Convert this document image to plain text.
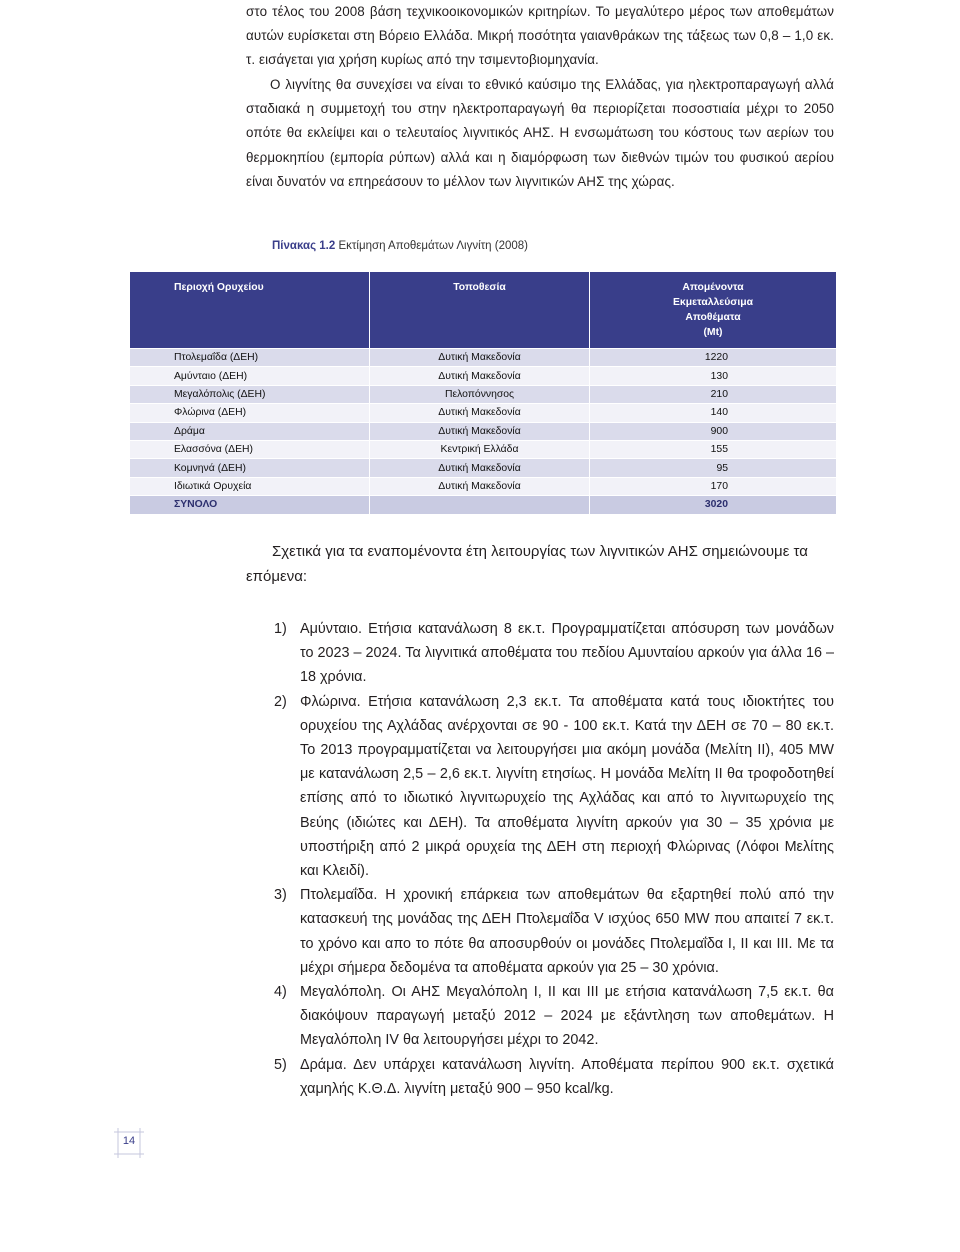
στο τέλος του 2008 βάση τεχνικοοικονομικών κριτηρίων. Το μεγαλύτερο μέρος των αποθεμάτων αυτών ευρίσκεται στη Βόρειο Ελλάδα. Μικρή ποσότητα γαιανθράκων της τάξεως των 0,8 – 1,0 εκ. τ. εισάγεται για χρήση κυρίως από την τσιμεντοβιομηχανία.

Ο λιγνίτης θα συνεχίσει να είναι το εθνικό καύσιμο της Ελλάδας, για ηλεκτροπαραγωγή αλλά σταδιακά η συμμετοχή του στην ηλεκτροπαραγωγή θα περιορίζεται ποσοστιαία μέχρι το 2050 οπότε θα εκλείψει και ο τελευταίος λιγνιτικός ΑΗΣ. Η ενσωμάτωση του κόστους των αερίων του θερμοκηπίου (εμπορία ρύπων) αλλά και η διαμόρφωση των διεθνών τιμών του φυσικού αερίου είναι δυνατόν να επηρεάσουν το μέλλον των λιγνιτικών ΑΗΣ της χώρας.

Πίνακας 1.2 Εκτίμηση Αποθεμάτων Λιγνίτη (2008)

Περιοχή Ορυχείου	Τοποθεσία	Απομένοντα
Εκμεταλλεύσιμα
Αποθέματα
(Mt)

Πτολεμαΐδα (ΔΕΗ)	Δυτική Μακεδονία	1220
Αμύνταιο (ΔΕΗ)	Δυτική Μακεδονία	130
Μεγαλόπολις (ΔΕΗ)	Πελοπόννησος	210
Φλώρινα (ΔΕΗ)	Δυτική Μακεδονία	140
Δράμα	Δυτική Μακεδονία	900
Ελασσόνα (ΔΕΗ)	Κεντρική Ελλάδα	155
Κομνηνά (ΔΕΗ)	Δυτική Μακεδονία	95
Ιδιωτικά Ορυχεία	Δυτική Μακεδονία	170
ΣΥΝΟΛΟ		3020

Σχετικά για τα εναπομένοντα έτη λειτουργίας των λιγνιτικών ΑΗΣ σημειώνουμε τα επόμενα:

1) Αμύνταιο. Ετήσια κατανάλωση 8 εκ.τ. Προγραμματίζεται απόσυρση των μονάδων το 2023 – 2024. Τα λιγνιτικά αποθέματα του πεδίου Αμυνταίου αρκούν για άλλα 16 – 18 χρόνια.
2) Φλώρινα. Ετήσια κατανάλωση 2,3 εκ.τ. Τα αποθέματα κατά τους ιδιοκτήτες του ορυχείου της Αχλάδας ανέρχονται σε 90 - 100 εκ.τ. Κατά την ΔΕΗ σε 70 – 80 εκ.τ. Το 2013 προγραμματίζεται να λειτουργήσει μια ακόμη μονάδα (Μελίτη ΙΙ), 405 MW με κατανάλωση 2,5 – 2,6 εκ.τ. λιγνίτη ετησίως. Η μονάδα Μελίτη ΙΙ θα τροφοδοτηθεί επίσης από το ιδιωτικό λιγνιτωρυχείο της Αχλάδας και από το λιγνιτωρυχείο της Βεύης (ιδιώτες και ΔΕΗ). Τα αποθέματα λιγνίτη αρκούν για 30 – 35 χρόνια με υποστήριξη από 2 μικρά ορυχεία της ΔΕΗ στη περιοχή Φλώρινας (Λόφοι Μελίτης και Κλειδί).
3) Πτολεμαΐδα. Η χρονική επάρκεια των αποθεμάτων θα εξαρτηθεί πολύ από την κατασκευή της μονάδας της ΔΕΗ Πτολεμαΐδα V ισχύος 650 MW που απαιτεί 7 εκ.τ. το χρόνο και απο το πότε θα αποσυρθούν οι μονάδες Πτολεμαΐδα Ι, ΙΙ και ΙΙΙ. Με τα μέχρι σήμερα δεδομένα τα αποθέματα αρκούν για 25 – 30 χρόνια.
4) Μεγαλόπολη. Οι ΑΗΣ Μεγαλόπολη Ι, ΙΙ και ΙΙΙ με ετήσια κατανάλωση 7,5 εκ.τ. θα διακόψουν παραγωγή μεταξύ 2012 – 2024 με εξάντληση των αποθεμάτων. Η Μεγαλόπολη IV θα λειτουργήσει μέχρι το 2042.
5) Δράμα. Δεν υπάρχει κατανάλωση λιγνίτη. Αποθέματα περίπου 900 εκ.τ. σχετικά χαμηλής Κ.Θ.Δ. λιγνίτη μεταξύ 900 – 950 kcal/kg.
14
